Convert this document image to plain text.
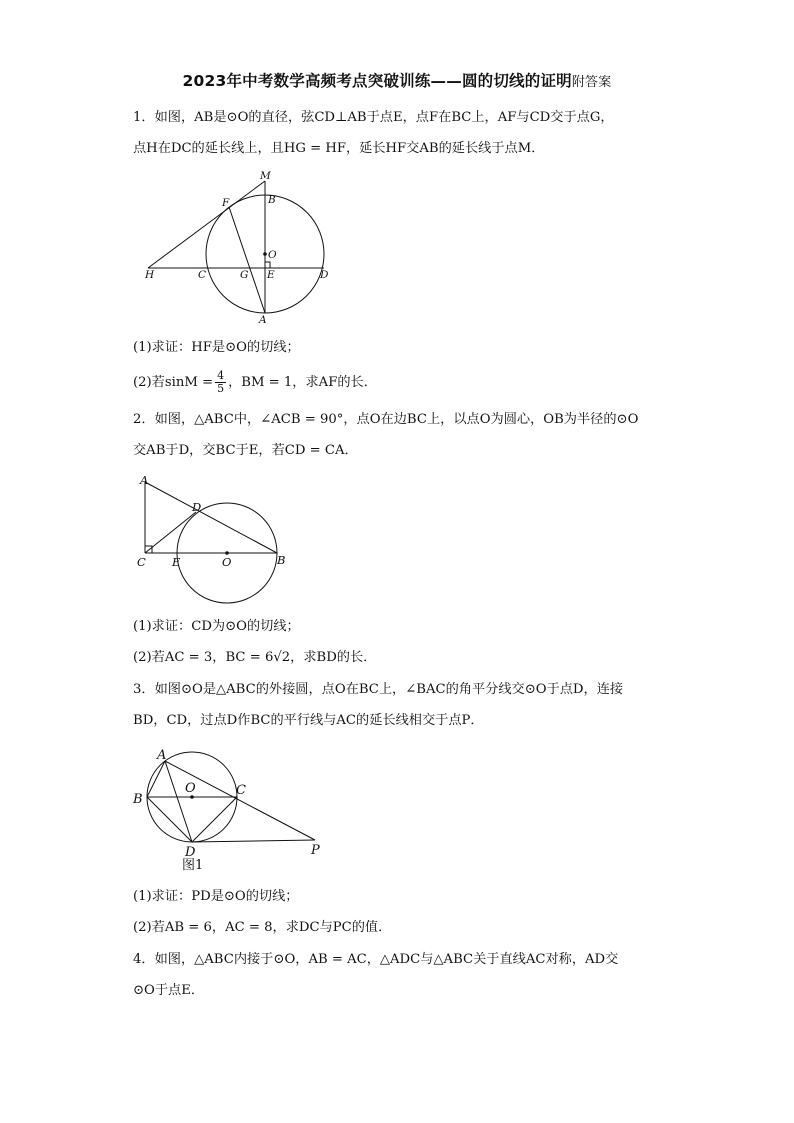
2023年中考数学高频考点突破训练——圆的切线的证明附答案
1．如图，AB是⊙O的直径，弦CD⊥AB于点E，点F在BC上，AF与CD交于点G，
点H在DC的延长线上，且HG = HF，延长HF交AB的延长线于点M．
M
F	B
O
H	C	G E	D
A
(1)求证：HF是⊙O的切线；
(2)若$\sin M = \frac{4}{5}$ ，BM = 1，求AF的长．
2．如图，△ABC中，∠ACB = 90°，点O在边BC上，以点O为圆心，OB为半径的⊙O
交AB于D，交BC于E，若CD = CA．
A
D
C E	O	B
(1)求证：CD为⊙O的切线；
(2)若AC = 3，BC = 6√2，求BD的长．
3．如图⊙O是△ABC的外接圆，点O在BC上，∠BAC的角平分线交⊙O于点D，连接
BD，CD，过点D作BC的平行线与AC的延长线相交于点P．
A
O
B
C
D	P
图1
(1)求证：PD是⊙O的切线；
(2)若AB = 6，AC = 8，求DC与PC的值．
4．如图，△ABC内接于⊙O，AB = AC，△ADC与△ABC关于直线AC对称，AD交
⊙O于点E．
